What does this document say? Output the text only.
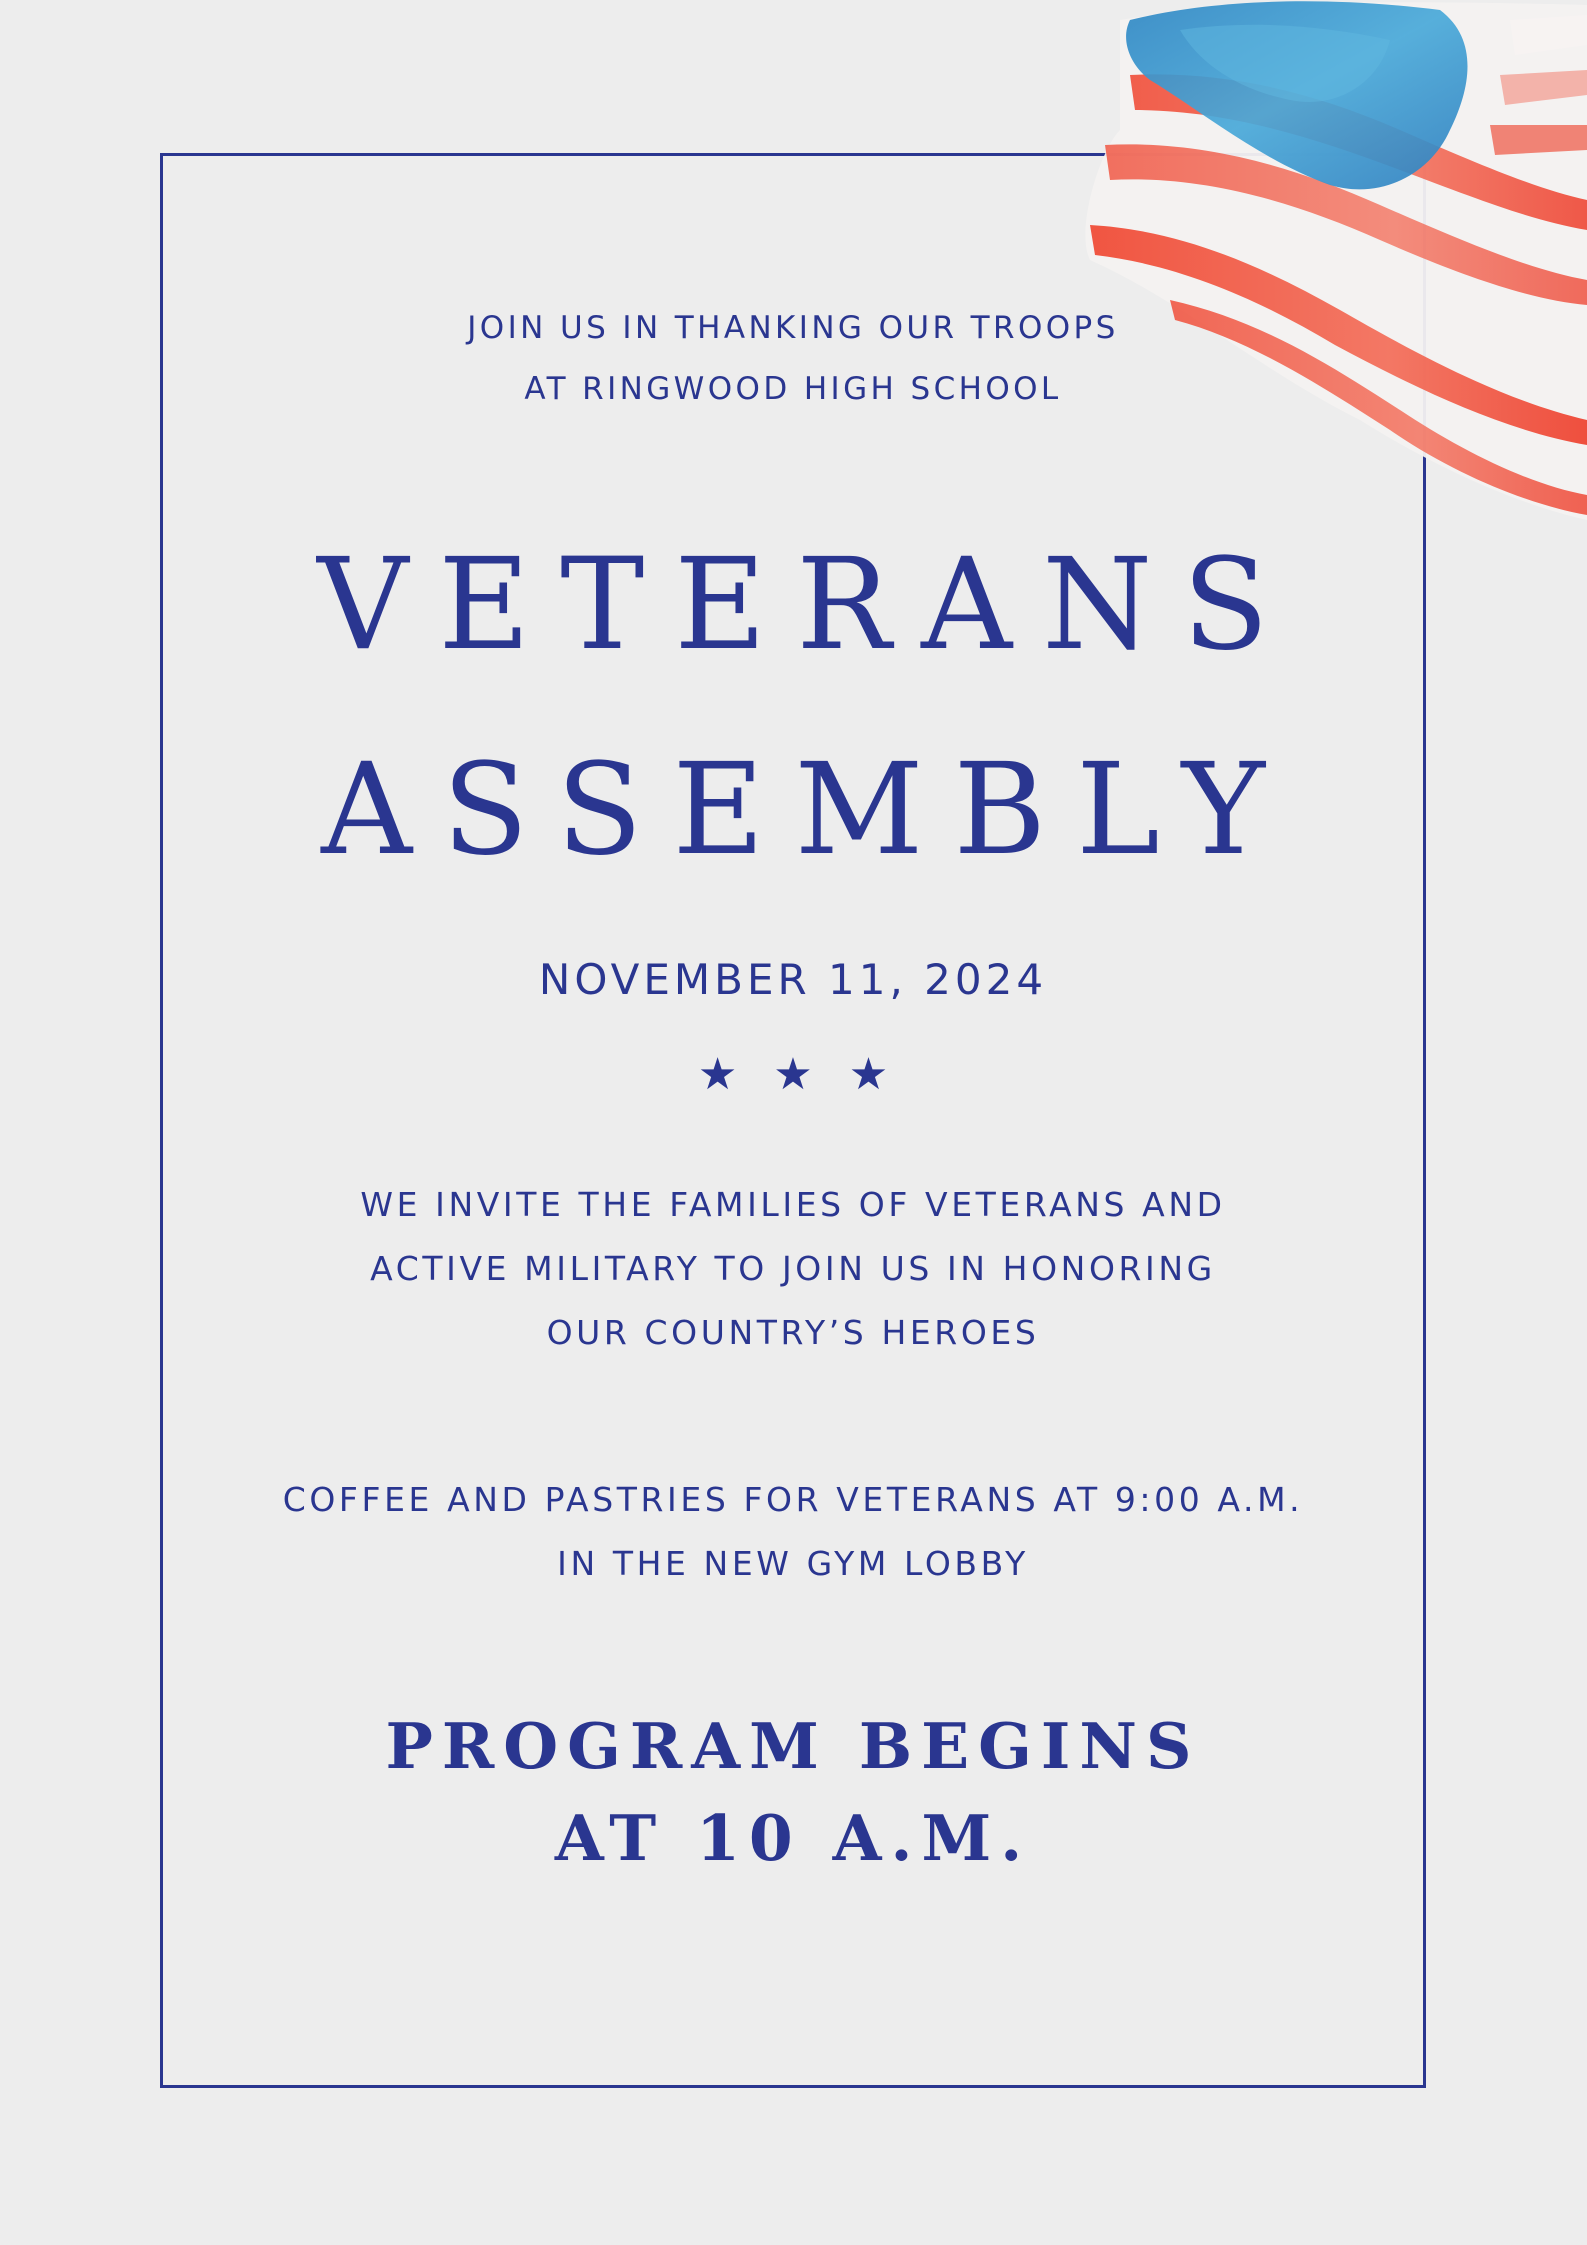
JOIN US IN THANKING OUR TROOPS
AT RINGWOOD HIGH SCHOOL
VETERANS
ASSEMBLY
NOVEMBER 11, 2024
★★★
WE INVITE THE FAMILIES OF VETERANS AND
ACTIVE MILITARY TO JOIN US IN HONORING
OUR COUNTRY’S HEROES
COFFEE AND PASTRIES FOR VETERANS AT 9:00 A.M.
IN THE NEW GYM LOBBY
PROGRAM BEGINS
AT 10 A.M.
